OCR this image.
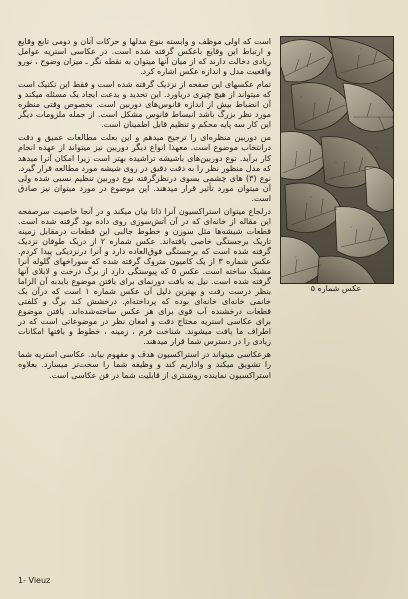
است که اولی موظف و وابسته بنوع مدلها و حرکات آنان و دومی تابع وقایع و ارتباط این وقایع باعکس گرفته شده است. در عکاسی استریه عوامل زیادی دخالت دارند که از میان آنها میتوان به نقطه نگر ـ میزان وضوح ، نورو واقعیت مدل و اندازه عکس اشاره کرد.

تمام عکسهای این صفحه از نزدیک گرفته شده است و فقط این تکنیک است که میتواند از هیچ چیزی دریاورد. این تحدید و بدعت ایجاد یک مسئله میکند و آن انضباط بیش از اندازه فانوس‌های دوربین است. بخصوص وقتی منظره مورد نظر بزرگ باشد انبساط فانوس مشکل است. از جمله ملزومات دیگر این کار سه پایه محکم و تنظیم قابل اطمینان است.

من دوربین منظره‌ای را ترجیح میدهم و این بعلت مطالعات عمیق و دقت درانتخاب موضوع است. معهذا انواع دیگر دوربین نیز میتواند از عهده انجام کار برآید. نوع دوربین‌های باشیشه تراشیده بهتر است زیرا امکان آنرا میدهد که مدل منظور نظر را به دقت دقیق در روی شیشه مورد مطالعه قرار گیرد. نوع (۳) های چشمی بسوی درنظرگرفته نوع دوربین تنظیم نسبی شده ولی آن میتوان مورد تأثیر قرار میدهند. این موضوع در مورد میتوان نیز صادق است.

درلجاع میتوان استراکسیون آنرا ذاتا بیان میکند و در آنجا خاصیت سرصفحه این مقاله از خانه‌ای که در آن آتش‌سوزی روی داده بود گرفته شده است. قطعات شیشه‌ها مثل سوزن و خطوط جالبی این قطعات درمقابل زمینه تاریک برجستگی خاصی یافته‌اند. عکس شماره ۲ از دریک طوفان نزدیک گرفته شده است که برجستگی فوق‌العاده دارد و آنرا درنزدیکی پیدا کردم. عکس شماره ۳ از یک کامیون متروک گرفته شده که سوراخهای گلوله آنرا مشبک ساخته است. عکس ۵ که پیوستگی دارد از برگ درخت و لابلای آنها گرفته شده است. نیل به بافت دورنمای برای یافتن موضوع بایدبه آن الزاما بنظر درست رفت و بهترین دلیل آن عکس شماره ۱ است که درآن یک خانمی خانه‌ای خانه‌ای بوده که پرداخته‌ام. درخشش کند برگ و کلفتی قطعات درخشنده آب قوی برای هر عکس ساخته‌شده‌اند. یافتن موضوع برای عکاسی استریه محتاج دقت و امعان نظر در موضوعاتی است که در اطراف ما یافت میشوند. شناخت فرم ، زمینه ، خطوط و بافتها امکانات زیادی را در دسترس شما قرار میدهند.

هرعکاسی میتواند در استراکسیون هدف و مفهوم بیابد. عکاسی استریه شما را تشویق میکند و واداریم کند و وظیفه شما را سخت‌تر میسازد. بعلاوه استراکسیون نماینده روشنتری از قابلیت شما در فن عکاسی است.

عکس شماره ۵
1- Vieuz
